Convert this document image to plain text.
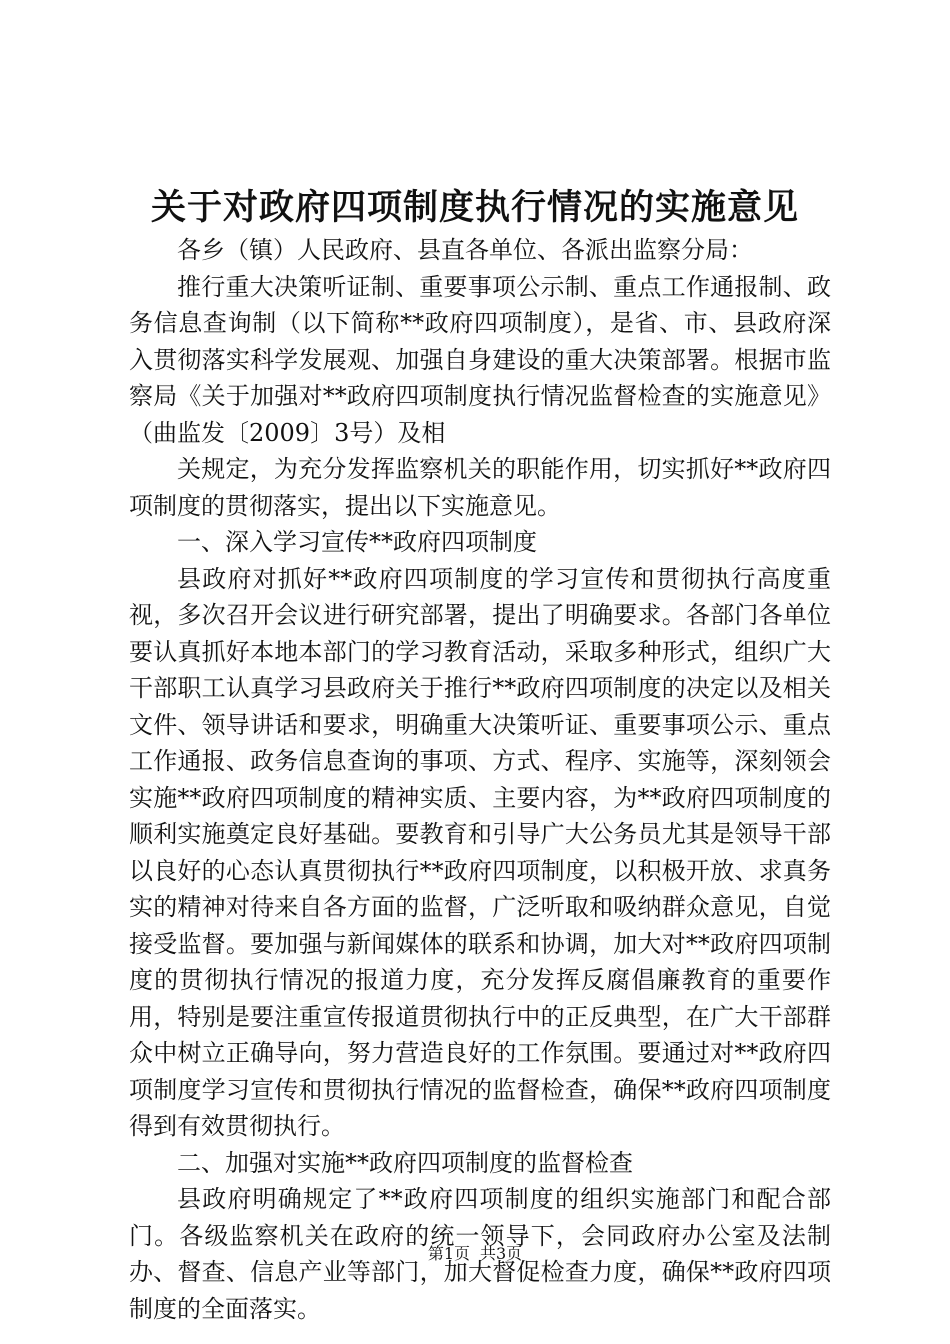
关于对政府四项制度执行情况的实施意见

各乡（镇）人民政府、县直各单位、各派出监察分局：

推行重大决策听证制、重要事项公示制、重点工作通报制、政务信息查询制（以下简称**政府四项制度），是省、市、县政府深入贯彻落实科学发展观、加强自身建设的重大决策部署。根据市监察局《关于加强对**政府四项制度执行情况监督检查的实施意见》（曲监发〔2009〕3号）及相

关规定，为充分发挥监察机关的职能作用，切实抓好**政府四项制度的贯彻落实，提出以下实施意见。

一、深入学习宣传**政府四项制度

县政府对抓好**政府四项制度的学习宣传和贯彻执行高度重视，多次召开会议进行研究部署，提出了明确要求。各部门各单位要认真抓好本地本部门的学习教育活动，采取多种形式，组织广大干部职工认真学习县政府关于推行**政府四项制度的决定以及相关文件、领导讲话和要求，明确重大决策听证、重要事项公示、重点工作通报、政务信息查询的事项、方式、程序、实施等，深刻领会实施**政府四项制度的精神实质、主要内容，为**政府四项制度的顺利实施奠定良好基础。要教育和引导广大公务员尤其是领导干部以良好的心态认真贯彻执行**政府四项制度，以积极开放、求真务实的精神对待来自各方面的监督，广泛听取和吸纳群众意见，自觉接受监督。要加强与新闻媒体的联系和协调，加大对**政府四项制度的贯彻执行情况的报道力度，充分发挥反腐倡廉教育的重要作用，特别是要注重宣传报道贯彻执行中的正反典型，在广大干部群众中树立正确导向，努力营造良好的工作氛围。要通过对**政府四项制度学习宣传和贯彻执行情况的监督检查，确保**政府四项制度得到有效贯彻执行。

二、加强对实施**政府四项制度的监督检查

县政府明确规定了**政府四项制度的组织实施部门和配合部门。各级监察机关在政府的统一领导下，会同政府办公室及法制办、督查、信息产业等部门，加大督促检查力度，确保**政府四项制度的全面落实。

第1页 共3页
